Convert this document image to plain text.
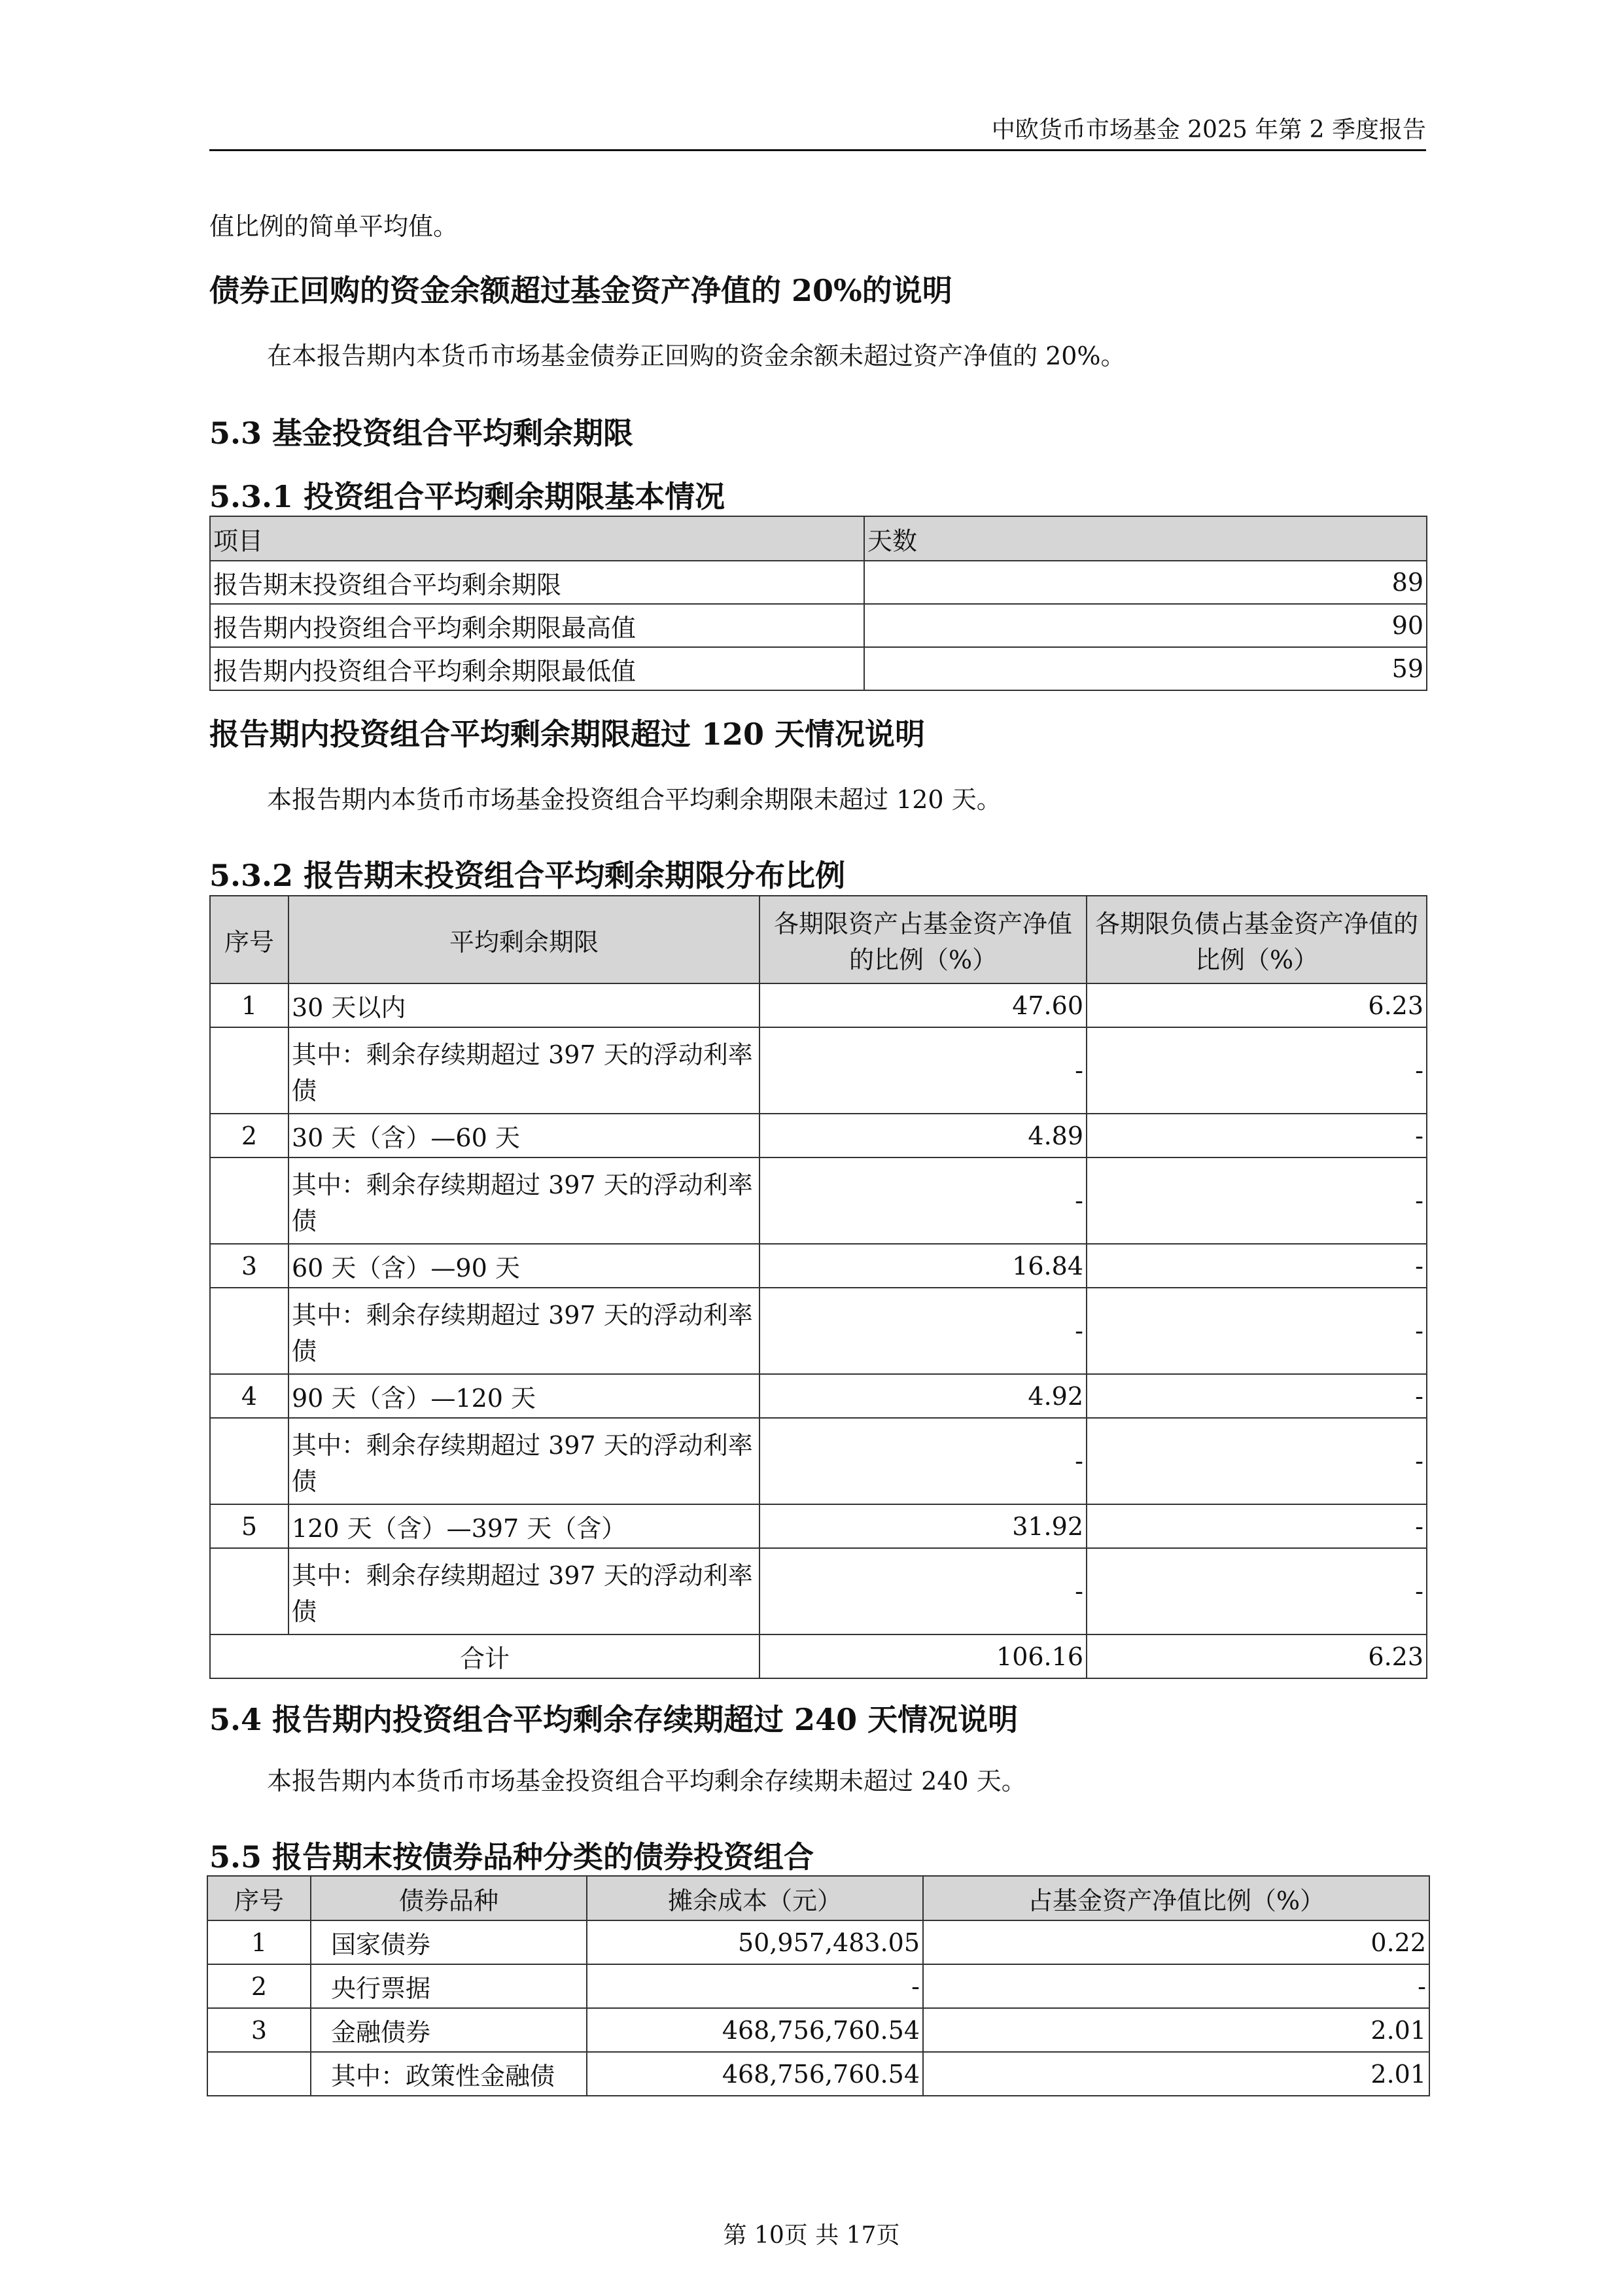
中欧货币市场基金 2025 年第 2 季度报告
值比例的简单平均值。
债券正回购的资金余额超过基金资产净值的 20%的说明
在本报告期内本货币市场基金债券正回购的资金余额未超过资产净值的 20%。
5.3 基金投资组合平均剩余期限
5.3.1 投资组合平均剩余期限基本情况
项目	天数
报告期末投资组合平均剩余期限	89
报告期内投资组合平均剩余期限最高值	90
报告期内投资组合平均剩余期限最低值	59
报告期内投资组合平均剩余期限超过 120 天情况说明
本报告期内本货币市场基金投资组合平均剩余期限未超过 120 天。
5.3.2 报告期末投资组合平均剩余期限分布比例
序号	平均剩余期限	各期限资产占基金资产净值的比例（%）	各期限负债占基金资产净值的比例（%）
1	30 天以内	47.60	6.23
	其中：剩余存续期超过 397 天的浮动利率债	-	-
2	30 天（含）—60 天	4.89	-
	其中：剩余存续期超过 397 天的浮动利率债	-	-
3	60 天（含）—90 天	16.84	-
	其中：剩余存续期超过 397 天的浮动利率债	-	-
4	90 天（含）—120 天	4.92	-
	其中：剩余存续期超过 397 天的浮动利率债	-	-
5	120 天（含）—397 天（含）	31.92	-
	其中：剩余存续期超过 397 天的浮动利率债	-	-
合计		106.16	6.23
5.4 报告期内投资组合平均剩余存续期超过 240 天情况说明
本报告期内本货币市场基金投资组合平均剩余存续期未超过 240 天。
5.5 报告期末按债券品种分类的债券投资组合
序号	债券品种	摊余成本（元）	占基金资产净值比例（%）
1	国家债券	50,957,483.05	0.22
2	央行票据	-	-
3	金融债券	468,756,760.54	2.01
	其中：政策性金融债	468,756,760.54	2.01
第 10页 共 17页
